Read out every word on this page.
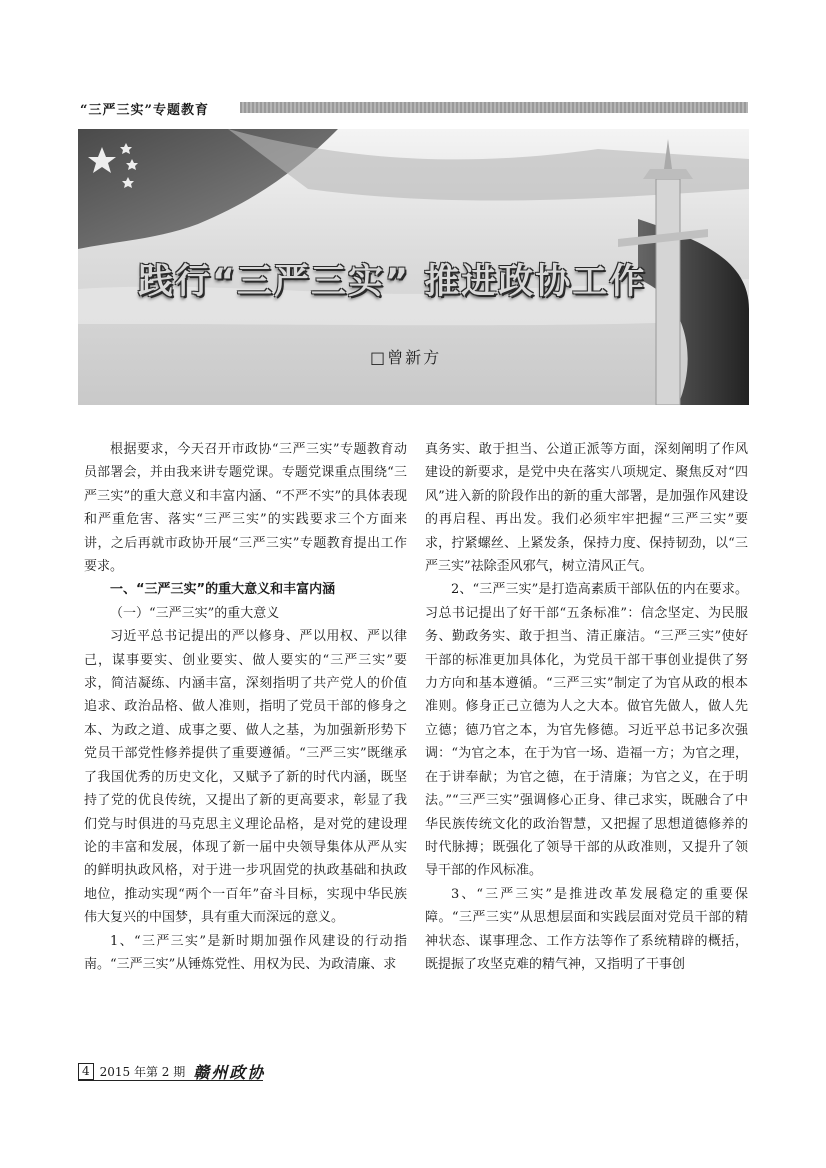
“三严三实”专题教育
践行“三严三实” 推进政协工作
□曾新方

根据要求，今天召开市政协“三严三实”专题教育动员部署会，并由我来讲专题党课。专题党课重点围绕“三严三实”的重大意义和丰富内涵、“不严不实”的具体表现和严重危害、落实“三严三实”的实践要求三个方面来讲，之后再就市政协开展“三严三实”专题教育提出工作要求。

一、“三严三实”的重大意义和丰富内涵

（一）“三严三实”的重大意义

习近平总书记提出的严以修身、严以用权、严以律己，谋事要实、创业要实、做人要实的“三严三实”要求，简洁凝练、内涵丰富，深刻指明了共产党人的价值追求、政治品格、做人准则，指明了党员干部的修身之本、为政之道、成事之要、做人之基，为加强新形势下党员干部党性修养提供了重要遵循。“三严三实”既继承了我国优秀的历史文化，又赋予了新的时代内涵，既坚持了党的优良传统，又提出了新的更高要求，彰显了我们党与时俱进的马克思主义理论品格，是对党的建设理论的丰富和发展，体现了新一届中央领导集体从严从实的鲜明执政风格，对于进一步巩固党的执政基础和执政地位，推动实现“两个一百年”奋斗目标，实现中华民族伟大复兴的中国梦，具有重大而深远的意义。

1、“三严三实”是新时期加强作风建设的行动指南。“三严三实”从锤炼党性、用权为民、为政清廉、求

真务实、敢于担当、公道正派等方面，深刻阐明了作风建设的新要求，是党中央在落实八项规定、聚焦反对“四风”进入新的阶段作出的新的重大部署，是加强作风建设的再启程、再出发。我们必须牢牢把握“三严三实”要求，拧紧螺丝、上紧发条，保持力度、保持韧劲，以“三严三实”祛除歪风邪气，树立清风正气。

2、“三严三实”是打造高素质干部队伍的内在要求。习总书记提出了好干部“五条标准”：信念坚定、为民服务、勤政务实、敢于担当、清正廉洁。“三严三实”使好干部的标准更加具体化，为党员干部干事创业提供了努力方向和基本遵循。“三严三实”制定了为官从政的根本准则。修身正己立德为人之大本。做官先做人，做人先立德；德乃官之本，为官先修德。习近平总书记多次强调：“为官之本，在于为官一场、造福一方；为官之理，在于讲奉献；为官之德，在于清廉；为官之义，在于明法。”“三严三实”强调修心正身、律己求实，既融合了中华民族传统文化的政治智慧，又把握了思想道德修养的时代脉搏；既强化了领导干部的从政准则，又提升了领导干部的作风标准。

3、“三严三实”是推进改革发展稳定的重要保障。“三严三实”从思想层面和实践层面对党员干部的精神状态、谋事理念、工作方法等作了系统精辟的概括，既提振了攻坚克难的精气神，又指明了干事创

4 2015 年第 2 期 赣州政协
